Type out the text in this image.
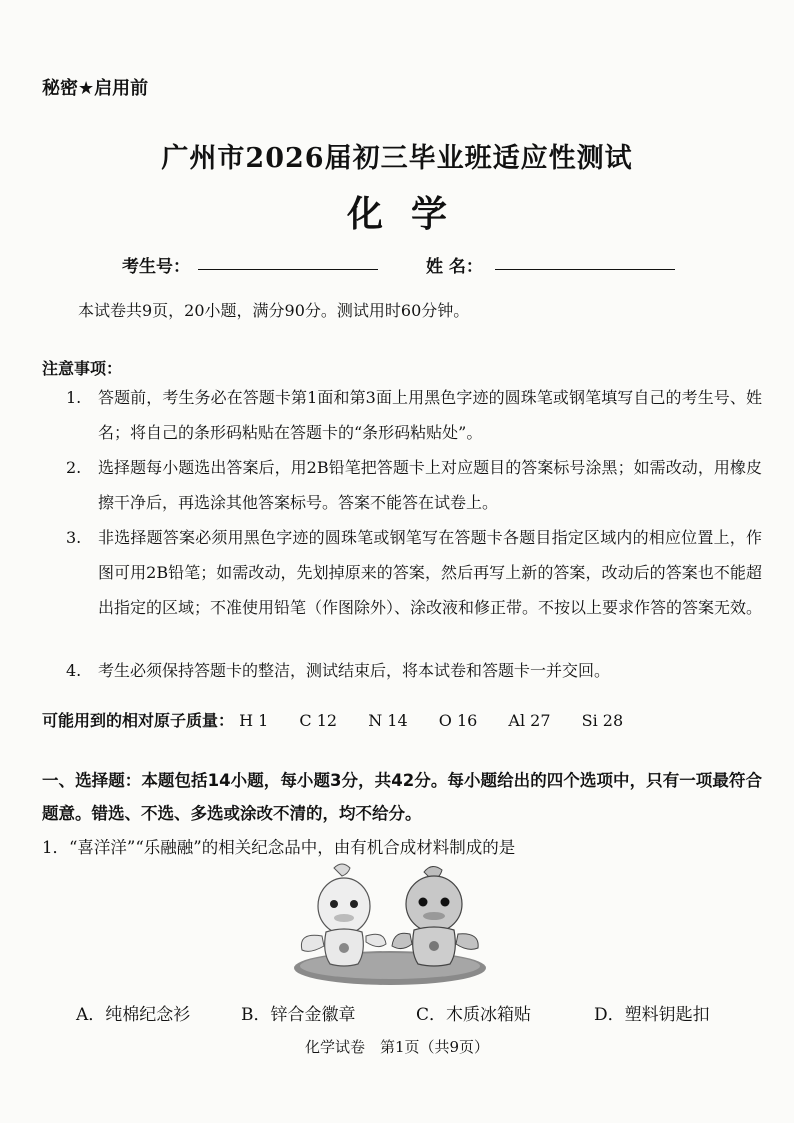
秘密★启用前
广州市2026届初三毕业班适应性测试
化学
考生号：	姓 名：
本试卷共9页，20小题，满分90分。测试用时60分钟。
注意事项：
1. 答题前，考生务必在答题卡第1面和第3面上用黑色字迹的圆珠笔或钢笔填写自己的考生号、姓名；将自己的条形码粘贴在答题卡的“条形码粘贴处”。
2. 选择题每小题选出答案后，用2B铅笔把答题卡上对应题目的答案标号涂黑；如需改动，用橡皮擦干净后，再选涂其他答案标号。答案不能答在试卷上。
3. 非选择题答案必须用黑色字迹的圆珠笔或钢笔写在答题卡各题目指定区域内的相应位置上，作图可用2B铅笔；如需改动，先划掉原来的答案，然后再写上新的答案，改动后的答案也不能超出指定的区域；不准使用铅笔（作图除外）、涂改液和修正带。不按以上要求作答的答案无效。
4. 考生必须保持答题卡的整洁，测试结束后，将本试卷和答题卡一并交回。
可能用到的相对原子质量： H 1 C 12 N 14 O 16 Al 27 Si 28
一、选择题：本题包括14小题，每小题3分，共42分。每小题给出的四个选项中，只有一项最符合题意。错选、不选、多选或涂改不清的，均不给分。
1．“喜洋洋”“乐融融”的相关纪念品中，由有机合成材料制成的是
A．纯棉纪念衫	B．锌合金徽章	C．木质冰箱贴	D．塑料钥匙扣
化学试卷　第1页（共9页）
